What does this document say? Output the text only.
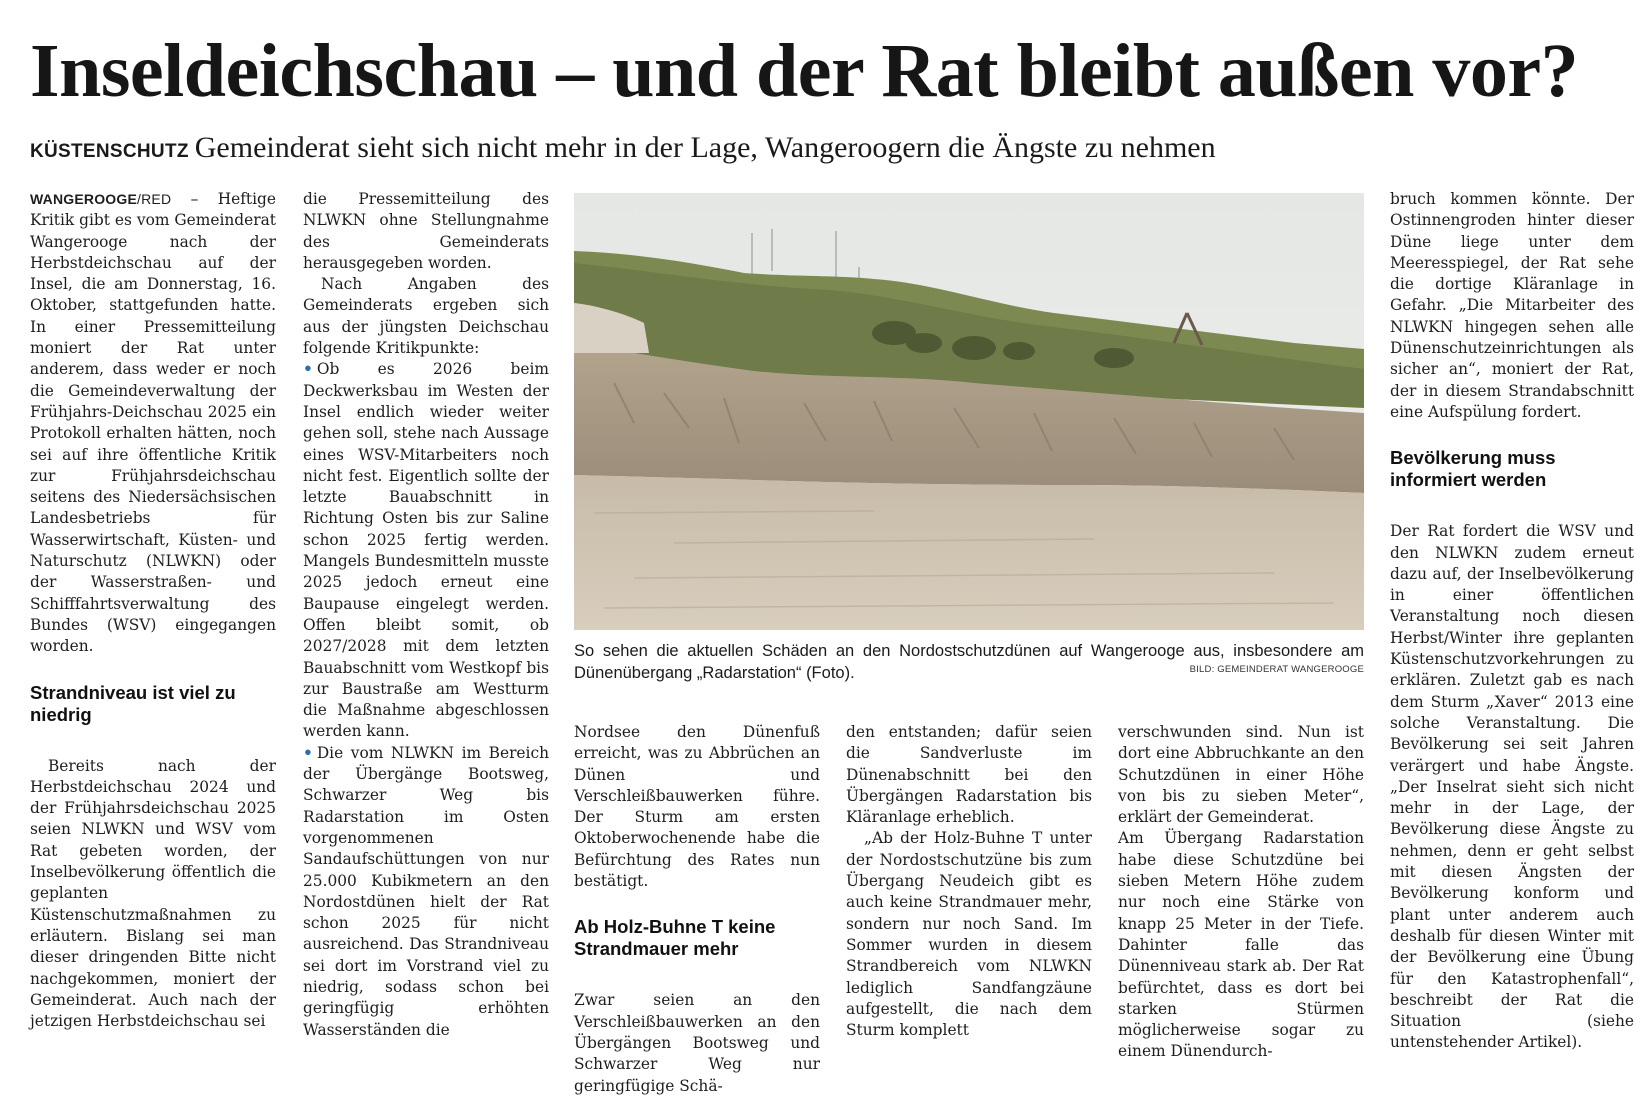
Inseldeichschau – und der Rat bleibt außen vor?
KÜSTENSCHUTZ Gemeinderat sieht sich nicht mehr in der Lage, Wangeroogern die Ängste zu nehmen

WANGEROOGE/RED – Heftige Kritik gibt es vom Gemeinderat Wangerooge nach der Herbstdeichschau auf der Insel, die am Donnerstag, 16. Oktober, stattgefunden hatte. In einer Pressemitteilung moniert der Rat unter anderem, dass weder er noch die Gemeindeverwaltung der Frühjahrs-Deichschau 2025 ein Protokoll erhalten hätten, noch sei auf ihre öffentliche Kritik zur Frühjahrsdeichschau seitens des Niedersächsischen Landesbetriebs für Wasserwirtschaft, Küsten- und Naturschutz (NLWKN) oder der Wasserstraßen- und Schifffahrtsverwaltung des Bundes (WSV) eingegangen worden.

Strandniveau ist viel zu niedrig

Bereits nach der Herbstdeichschau 2024 und der Frühjahrsdeichschau 2025 seien NLWKN und WSV vom Rat gebeten worden, der Inselbevölkerung öffentlich die geplanten Küstenschutzmaßnahmen zu erläutern. Bislang sei man dieser dringenden Bitte nicht nachgekommen, moniert der Gemeinderat. Auch nach der jetzigen Herbstdeichschau sei

die Pressemitteilung des NLWKN ohne Stellungnahme des Gemeinderats herausgegeben worden.

Nach Angaben des Gemeinderats ergeben sich aus der jüngsten Deichschau folgende Kritikpunkte:

• Ob es 2026 beim Deckwerksbau im Westen der Insel endlich wieder weiter gehen soll, stehe nach Aussage eines WSV-Mitarbeiters noch nicht fest. Eigentlich sollte der letzte Bauabschnitt in Richtung Osten bis zur Saline schon 2025 fertig werden. Mangels Bundesmitteln musste 2025 jedoch erneut eine Baupause eingelegt werden. Offen bleibt somit, ob 2027/2028 mit dem letzten Bauabschnitt vom Westkopf bis zur Baustraße am Westturm die Maßnahme abgeschlossen werden kann.

• Die vom NLWKN im Bereich der Übergänge Bootsweg, Schwarzer Weg bis Radarstation im Osten vorgenommenen Sandaufschüttungen von nur 25.000 Kubikmetern an den Nordostdünen hielt der Rat schon 2025 für nicht ausreichend. Das Strandniveau sei dort im Vorstrand viel zu niedrig, sodass schon bei geringfügig erhöhten Wasserständen die

So sehen die aktuellen Schäden an den Nordostschutzdünen auf Wangerooge aus, insbesondere am Dünenübergang „Radarstation“ (Foto).	BILD: GEMEINDERAT WANGEROOGE

Nordsee den Dünenfuß erreicht, was zu Abbrüchen an Dünen und Verschleißbauwerken führe. Der Sturm am ersten Oktoberwochenende habe die Befürchtung des Rates nun bestätigt.

Ab Holz-Buhne T keine Strandmauer mehr

Zwar seien an den Verschleißbauwerken an den Übergängen Bootsweg und Schwarzer Weg nur geringfügige Schä-

den entstanden; dafür seien die Sandverluste im Dünenabschnitt bei den Übergängen Radarstation bis Kläranlage erheblich.

„Ab der Holz-Buhne T unter der Nordostschutzüne bis zum Übergang Neudeich gibt es auch keine Strandmauer mehr, sondern nur noch Sand. Im Sommer wurden in diesem Strandbereich vom NLWKN lediglich Sandfangzäune aufgestellt, die nach dem Sturm komplett

verschwunden sind. Nun ist dort eine Abbruchkante an den Schutzdünen in einer Höhe von bis zu sieben Meter“, erklärt der Gemeinderat.

Am Übergang Radarstation habe diese Schutzdüne bei sieben Metern Höhe zudem nur noch eine Stärke von knapp 25 Meter in der Tiefe. Dahinter falle das Dünenniveau stark ab. Der Rat befürchtet, dass es dort bei starken Stürmen möglicherweise sogar zu einem Dünendurch-

bruch kommen könnte. Der Ostinnengroden hinter dieser Düne liege unter dem Meeresspiegel, der Rat sehe die dortige Kläranlage in Gefahr. „Die Mitarbeiter des NLWKN hingegen sehen alle Dünenschutzeinrichtungen als sicher an“, moniert der Rat, der in diesem Strandabschnitt eine Aufspülung fordert.

Bevölkerung muss informiert werden

Der Rat fordert die WSV und den NLWKN zudem erneut dazu auf, der Inselbevölkerung in einer öffentlichen Veranstaltung noch diesen Herbst/Winter ihre geplanten Küstenschutzvorkehrungen zu erklären. Zuletzt gab es nach dem Sturm „Xaver“ 2013 eine solche Veranstaltung. Die Bevölkerung sei seit Jahren verärgert und habe Ängste. „Der Inselrat sieht sich nicht mehr in der Lage, der Bevölkerung diese Ängste zu nehmen, denn er geht selbst mit diesen Ängsten der Bevölkerung konform und plant unter anderem auch deshalb für diesen Winter mit der Bevölkerung eine Übung für den Katastrophenfall“, beschreibt der Rat die Situation (siehe untenstehender Artikel).
